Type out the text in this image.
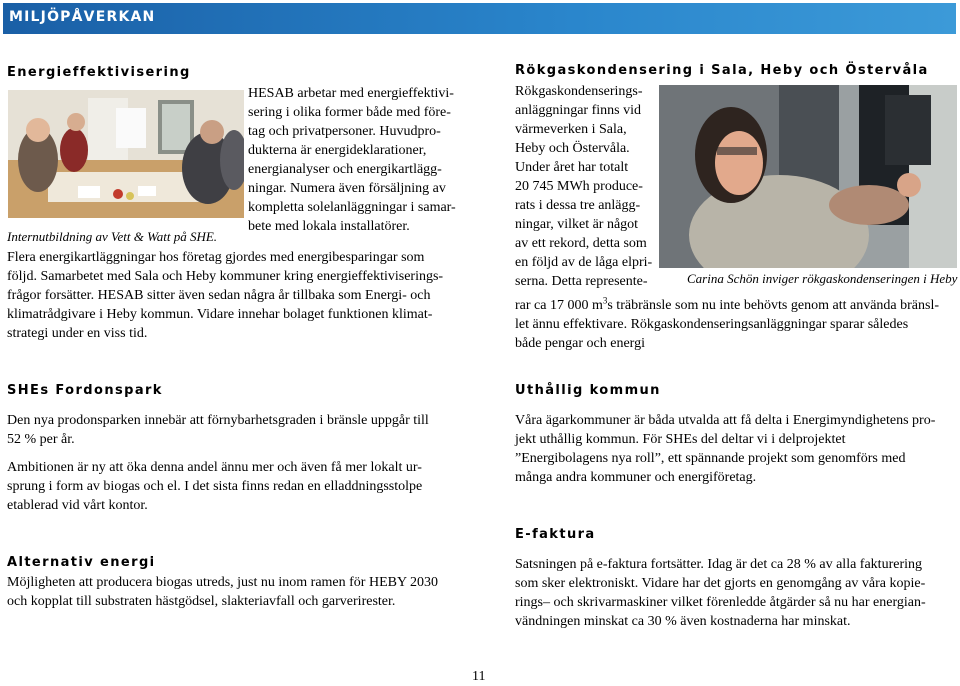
MILJÖPÅVERKAN
Energieffektivisering
HESAB arbetar med energieffektivi-
sering i olika former både med före-
tag och privatpersoner. Huvudpro-
dukterna är energideklarationer,
energianalyser och energikartlägg-
ningar. Numera även försäljning av
kompletta solelanläggningar i samar-
bete med lokala installatörer.
Internutbildning av Vett & Watt på SHE.
Flera energikartläggningar hos företag gjordes med energibesparingar som
följd. Samarbetet med Sala och Heby kommuner kring energieffektiviserings-
frågor forsätter. HESAB sitter även sedan några år tillbaka som Energi- och
klimatrådgivare i Heby kommun. Vidare innehar bolaget funktionen klimat-
strategi under en viss tid.
SHEs Fordonspark
Den nya prodonsparken innebär att förnybarhetsgraden i bränsle uppgår till
52 % per år.
Ambitionen är ny att öka denna andel ännu mer och även få mer lokalt ur-
sprung i form av biogas och el. I det sista finns redan en elladdningsstolpe
etablerad vid vårt kontor.
Alternativ energi
Möjligheten att producera biogas utreds, just nu inom ramen för HEBY 2030
och kopplat till substraten hästgödsel, slakteriavfall och garverirester.
Rökgaskondensering i Sala, Heby och Östervåla
Rökgaskondenserings-
anläggningar finns vid
värmeverken i Sala,
Heby och Östervåla.
Under året har totalt
20 745 MWh produce-
rats i dessa tre anlägg-
ningar, vilket är något
av ett rekord, detta som
en följd av de låga elpri-
serna. Detta represente-	Carina Schön inviger rökgaskondenseringen i Heby
rar ca 17 000 $m^3s$ träbränsle som nu inte behövts genom att använda bränsl-
let ännu effektivare. Rökgaskondenseringsanläggningar sparar således
både pengar och energi
Uthållig kommun
Våra ägarkommuner är båda utvalda att få delta i Energimyndighetens pro-
jekt uthållig kommun. För SHEs del deltar vi i delprojektet
”Energibolagens nya roll”, ett spännande projekt som genomförs med
många andra kommuner och energiföretag.
E-faktura
Satsningen på e-faktura fortsätter. Idag är det ca 28 % av alla fakturering
som sker elektroniskt. Vidare har det gjorts en genomgång av våra kopie-
rings– och skrivarmaskiner vilket förenledde åtgärder så nu har energian-
vändningen minskat ca 30 % även kostnaderna har minskat.
11
